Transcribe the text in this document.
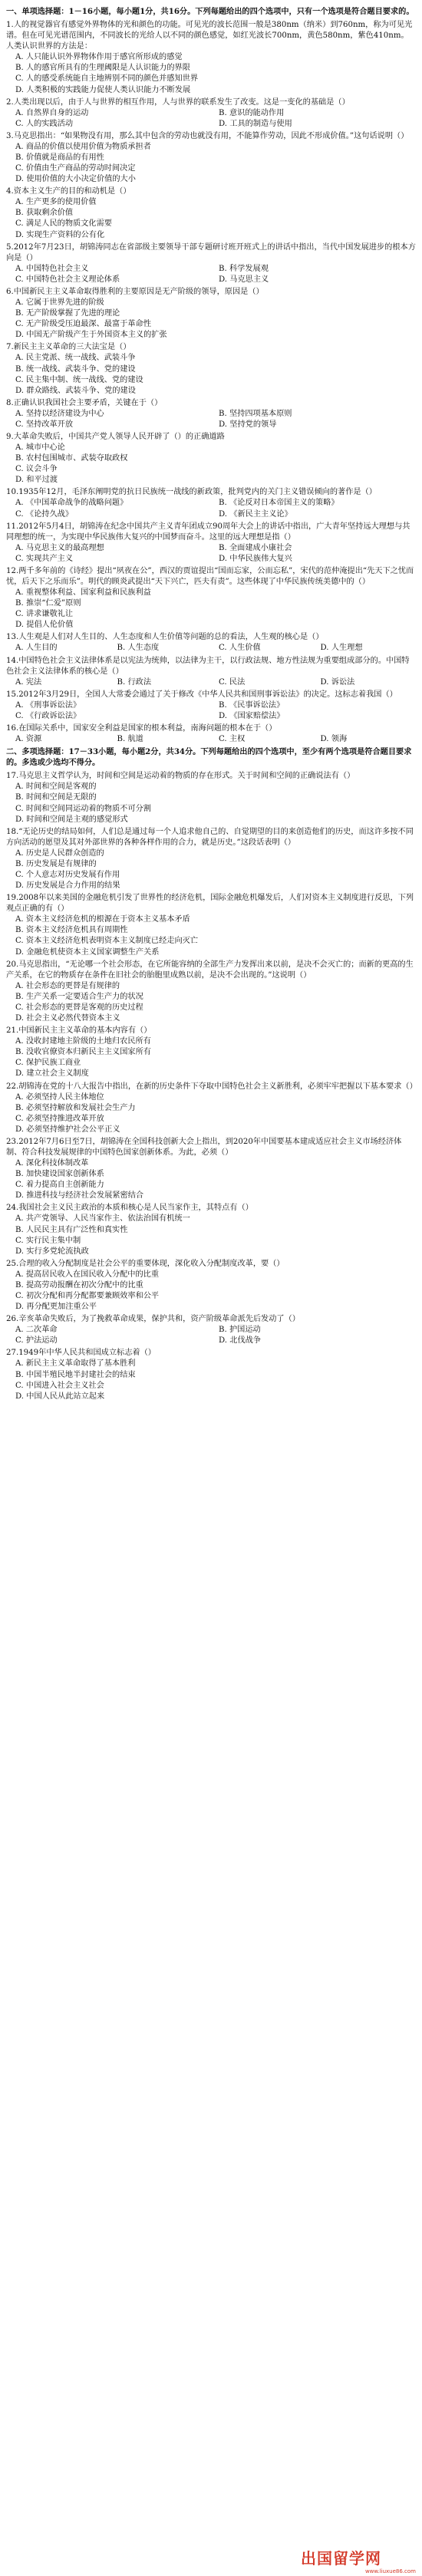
一、单项选择题：1－16小题，每小题1分，共16分。下列每题给出的四个选项中，只有一个选项是符合题目要求的。
1.人的视觉器官有感觉外界物体的光和颜色的功能。可见光的波长范围一般是380nm（纳米）到760nm，称为可见光谱。但在可见光谱范围内，不同波长的光给人以不同的颜色感觉，如红光波长700nm，黄色580nm，紫色410nm。人类认识世界的方法是：
A. 人只能认识外界物体作用于感官所形成的感觉
B. 人的感官所具有的生理阈限是人认识能力的界限
C. 人的感受系统能自主地辨别不同的颜色并感知世界
D. 人类积极的实践能力促使人类认识能力不断发展
2.人类出现以后，由于人与世界的相互作用，人与世界的联系发生了改变。这是一变化的基础是（）
A. 自然界自身的运动	B. 意识的能动作用
C. 人的实践活动	D. 工具的制造与使用
3.马克思指出：“如果物没有用，那么其中包含的劳动也就没有用，不能算作劳动，因此不形成价值。”这句话说明（）
A. 商品的价值以使用价值为物质承担者
B. 价值就是商品的有用性
C. 价值由生产商品的劳动时间决定
D. 使用价值的大小决定价值的大小
4.资本主义生产的目的和动机是（）
A. 生产更多的使用价值
B. 获取剩余价值
C. 满足人民的物质文化需要
D. 实现生产资料的公有化
5.2012年7月23日，胡锦涛同志在省部级主要领导干部专题研讨班开班式上的讲话中指出，当代中国发展进步的根本方向是（）
A. 中国特色社会主义	B. 科学发展观
C. 中国特色社会主义理论体系	D. 马克思主义
6.中国新民主主义革命取得胜利的主要原因是无产阶级的领导，原因是（）
A. 它属于世界先进的阶级
B. 无产阶级掌握了先进的理论
C. 无产阶级受压迫最深、最富于革命性
D. 中国无产阶级产生于外国资本主义的扩张
7.新民主主义革命的三大法宝是（）
A. 民主党派、统一战线、武装斗争
B. 统一战线、武装斗争、党的建设
C. 民主集中制、统一战线、党的建设
D. 群众路线、武装斗争、党的建设
8.正确认识我国社会主要矛盾，关键在于（）
A. 坚持以经济建设为中心	B. 坚持四项基本原则
C. 坚持改革开放	D. 坚持党的领导
9.大革命失败后，中国共产党人领导人民开辟了（）的正确道路
A. 城市中心论
B. 农村包围城市、武装夺取政权
C. 议会斗争
D. 和平过渡
10.1935年12月，毛泽东阐明党的抗日民族统一战线的新政策，批判党内的关门主义错误倾向的著作是（）
A. 《中国革命战争的战略问题》	B. 《论反对日本帝国主义的策略》
C. 《论持久战》	D. 《新民主主义论》
11.2012年5月4日，胡锦涛在纪念中国共产主义青年团成立90周年大会上的讲话中指出，广大青年坚持远大理想与共同理想的统一，为实现中华民族伟大复兴的中国梦而奋斗。这里的远大理想是指（）
A. 马克思主义的最高理想	B. 全面建成小康社会
C. 实现共产主义	D. 中华民族伟大复兴
12.两千多年前的《诗经》提出“夙夜在公”，西汉的贾谊提出“国而忘家，公而忘私”，宋代的范仲淹提出“先天下之忧而忧，后天下之乐而乐”。明代的顾炎武提出“天下兴亡，匹夫有责”。这些体现了中华民族传统美德中的（）
A. 重视整体利益、国家利益和民族利益
B. 推崇“仁爱”原则
C. 讲求谦敬礼让
D. 提倡人伦价值
13.人生观是人们对人生目的、人生态度和人生价值等问题的总的看法，人生观的核心是（）
A. 人生目的	B. 人生态度	C. 人生价值	D. 人生理想
14.中国特色社会主义法律体系是以宪法为统帅，以法律为主干，以行政法规、地方性法规为重要组成部分的。中国特色社会主义法律体系的核心是（）
A. 宪法	B. 行政法	C. 民法	D. 诉讼法
15.2012年3月29日，全国人大常委会通过了关于修改《中华人民共和国刑事诉讼法》的决定。这标志着我国（）
A. 《刑事诉讼法》	B. 《民事诉讼法》
C. 《行政诉讼法》	D. 《国家赔偿法》
16.在国际关系中，国家安全利益是国家的根本利益，南海问题的根本在于（）
A. 资源	B. 航道	C. 主权	D. 领海
二、多项选择题：17－33小题，每小题2分，共34分。下列每题给出的四个选项中，至少有两个选项是符合题目要求的。多选或少选均不得分。
17.马克思主义哲学认为，时间和空间是运动着的物质的存在形式。关于时间和空间的正确说法有（）
A. 时间和空间是客观的
B. 时间和空间是无限的
C. 时间和空间同运动着的物质不可分割
D. 时间和空间是主观的感觉形式
18.“无论历史的结局如何，人们总是通过每一个人追求他自己的、自觉期望的目的来创造他们的历史，而这许多按不同方向活动的愿望及其对外部世界的各种各样作用的合力，就是历史。”这段话表明（）
A. 历史是人民群众创造的
B. 历史发展是有规律的
C. 个人意志对历史发展有作用
D. 历史发展是合力作用的结果
19.2008年以来美国的金融危机引发了世界性的经济危机，国际金融危机爆发后，人们对资本主义制度进行反思，下列观点正确的有（）
A. 资本主义经济危机的根源在于资本主义基本矛盾
B. 资本主义经济危机具有周期性
C. 资本主义经济危机表明资本主义制度已经走向灭亡
D. 金融危机使资本主义国家调整生产关系
20.马克思指出，“无论哪一个社会形态，在它所能容纳的全部生产力发挥出来以前，是决不会灭亡的；而新的更高的生产关系，在它的物质存在条件在旧社会的胎胞里成熟以前，是决不会出现的。”这说明（）
A. 社会形态的更替是有规律的
B. 生产关系一定要适合生产力的状况
C. 社会形态的更替是客观的历史过程
D. 社会主义必然代替资本主义
21.中国新民主主义革命的基本内容有（）
A. 没收封建地主阶级的土地归农民所有
B. 没收官僚资本归新民主主义国家所有
C. 保护民族工商业
D. 建立社会主义制度
22.胡锦涛在党的十八大报告中指出，在新的历史条件下夺取中国特色社会主义新胜利，必须牢牢把握以下基本要求（）
A. 必须坚持人民主体地位
B. 必须坚持解放和发展社会生产力
C. 必须坚持推进改革开放
D. 必须坚持维护社会公平正义
23.2012年7月6日至7日，胡锦涛在全国科技创新大会上指出，到2020年中国要基本建成适应社会主义市场经济体制、符合科技发展规律的中国特色国家创新体系。为此，必须（）
A. 深化科技体制改革
B. 加快建设国家创新体系
C. 着力提高自主创新能力
D. 推进科技与经济社会发展紧密结合
24.我国社会主义民主政治的本质和核心是人民当家作主，其特点有（）
A. 共产党领导、人民当家作主、依法治国有机统一
B. 人民民主具有广泛性和真实性
C. 实行民主集中制
D. 实行多党轮流执政
25.合理的收入分配制度是社会公平的重要体现，深化收入分配制度改革，要（）
A. 提高居民收入在国民收入分配中的比重
B. 提高劳动报酬在初次分配中的比重
C. 初次分配和再分配都要兼顾效率和公平
D. 再分配更加注重公平
26.辛亥革命失败后，为了挽救革命成果，保护共和，资产阶级革命派先后发动了（）
A. 二次革命	B. 护国运动
C. 护法运动	D. 北伐战争
27.1949年中华人民共和国成立标志着（）
A. 新民主主义革命取得了基本胜利
B. 中国半殖民地半封建社会的结束
C. 中国进入社会主义社会
D. 中国人民从此站立起来
出国留学网
www.liuxue86.com
